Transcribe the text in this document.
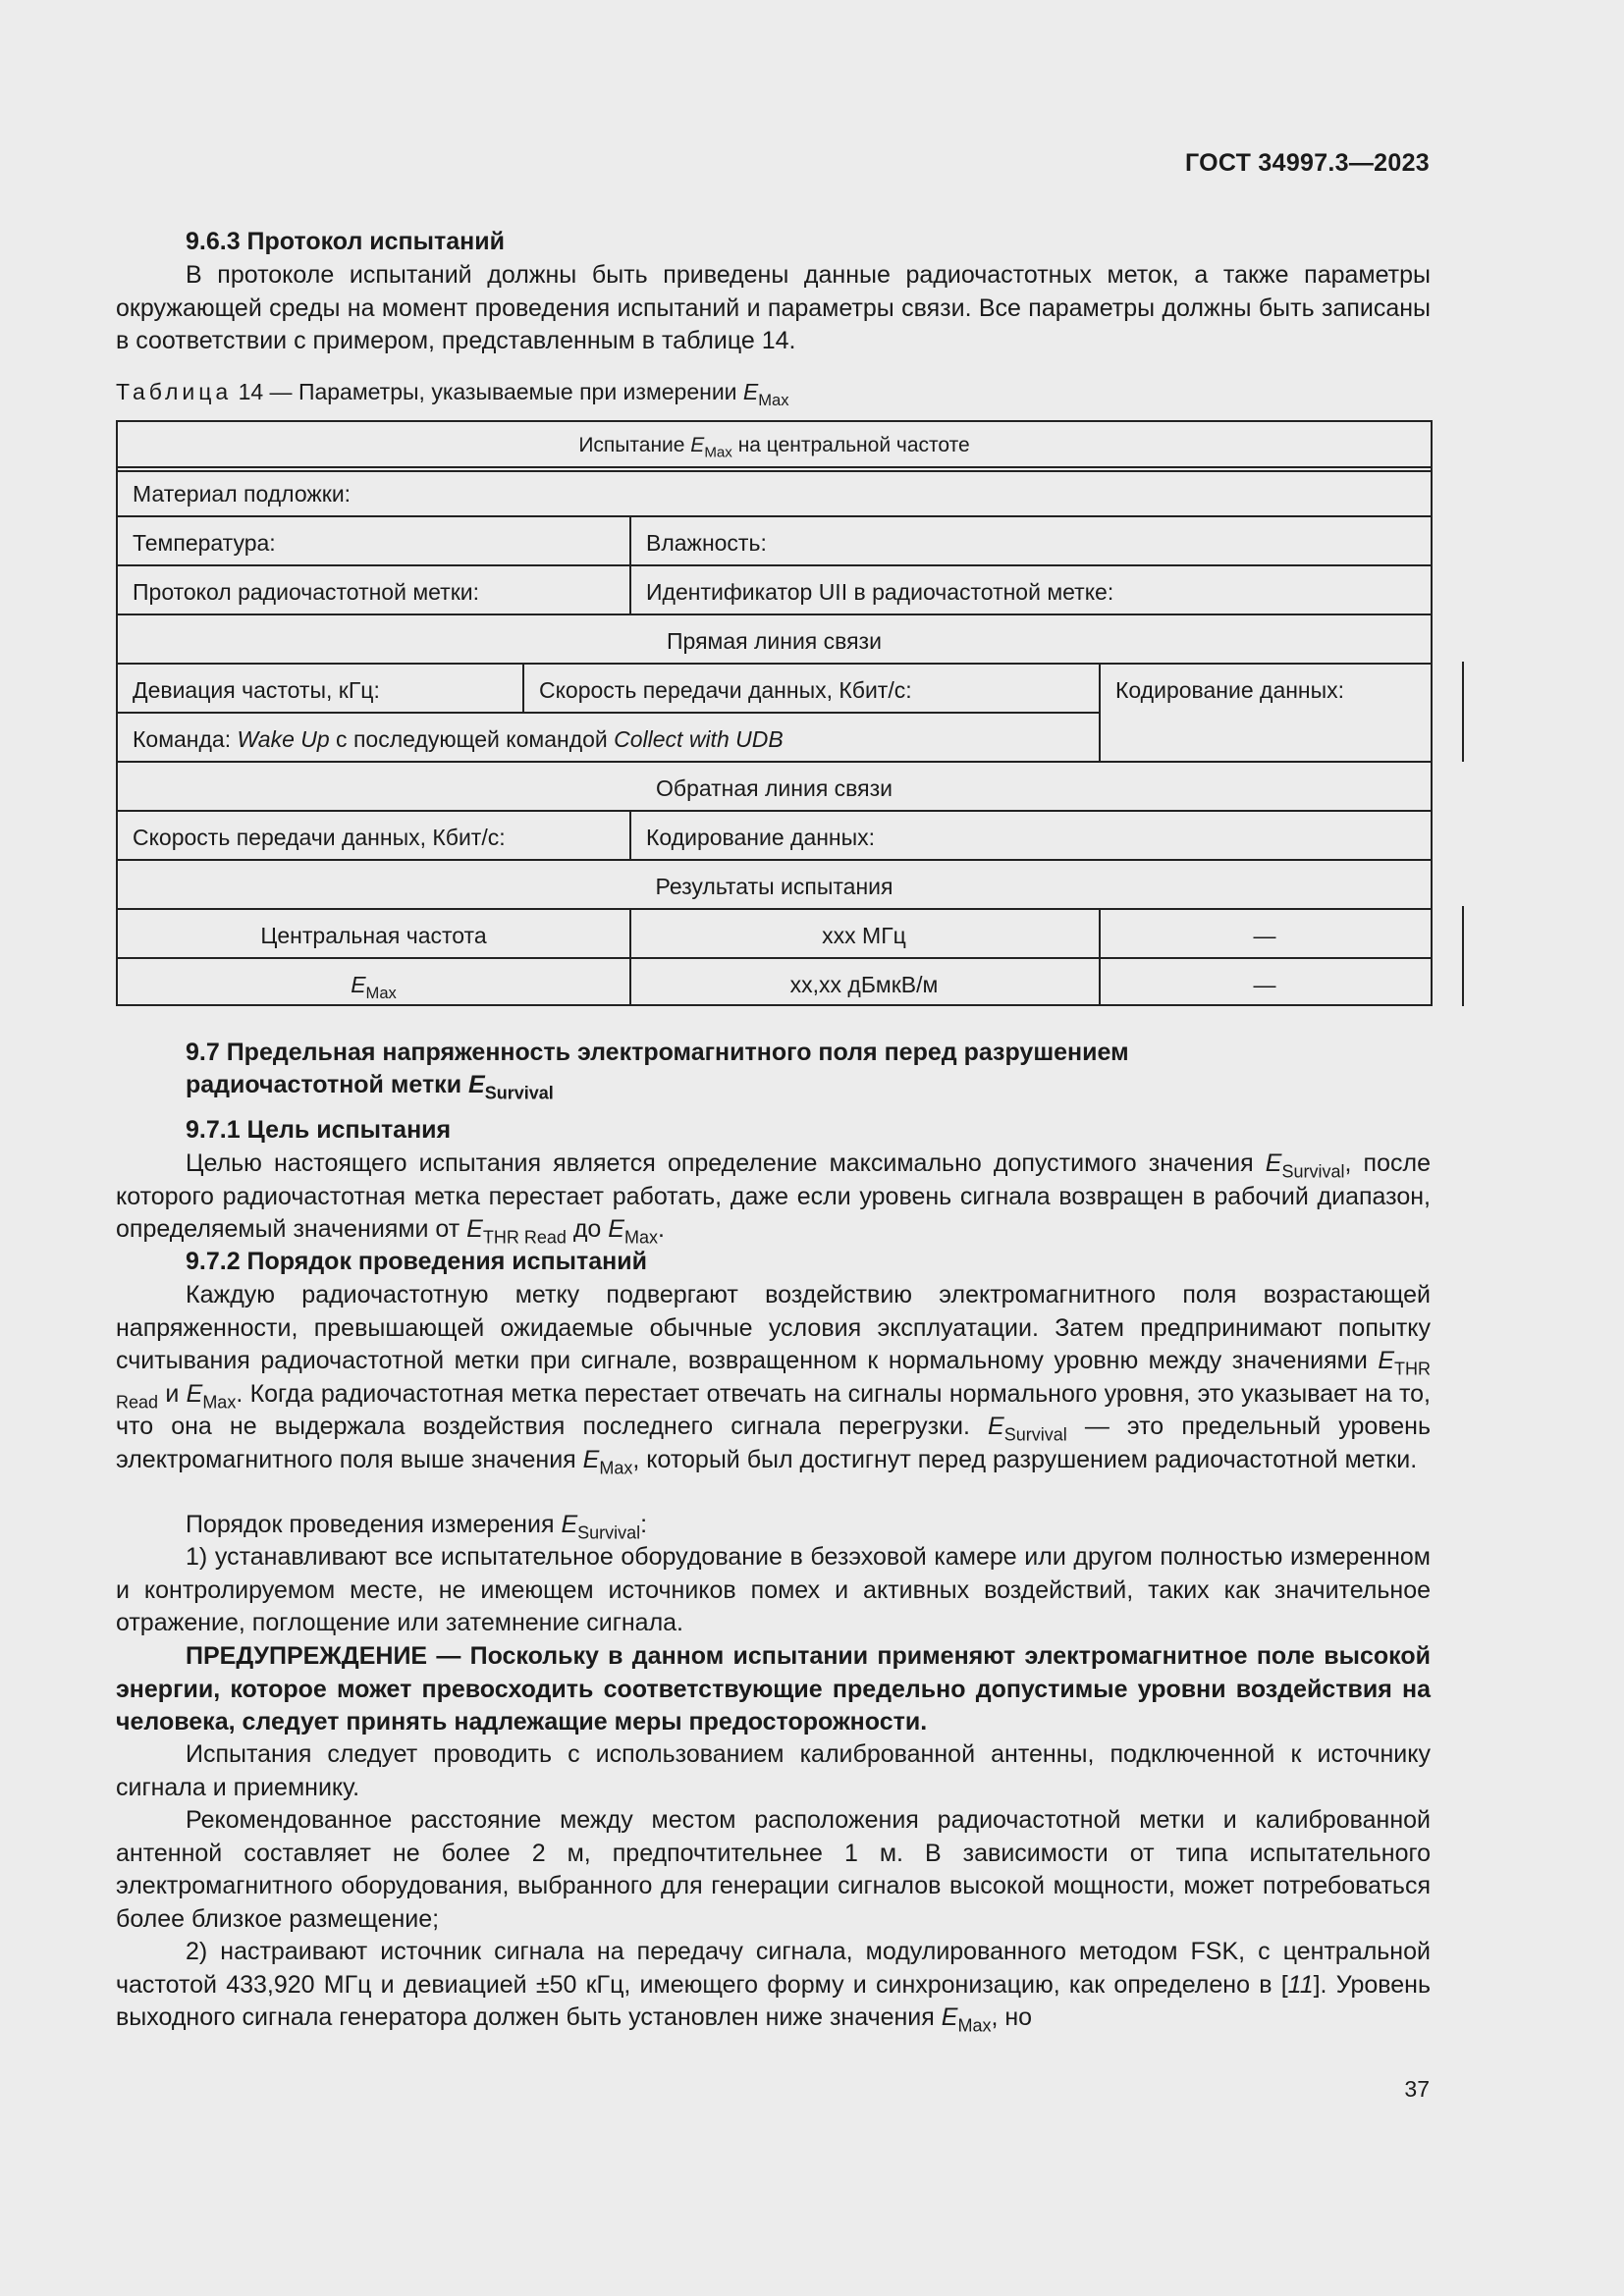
ГОСТ 34997.3—2023
9.6.3 Протокол испытаний
В протоколе испытаний должны быть приведены данные радиочастотных меток, а также параметры окружающей среды на момент проведения испытаний и параметры связи. Все параметры должны быть записаны в соответствии с примером, представленным в таблице 14.
Таблица 14 — Параметры, указываемые при измерении $E_{Max}$
Испытание $E_{Max}$ на центральной частоте
Материал подложки:
Температура:	Влажность:
Протокол радиочастотной метки:	Идентификатор UII в радиочастотной метке:
Прямая линия связи
Девиация частоты, кГц:	Скорость передачи данных, Кбит/с:	Кодирование данных:
Команда: Wake Up с последующей командой Collect with UDB
Обратная линия связи
Скорость передачи данных, Кбит/с:	Кодирование данных:
Результаты испытания
Центральная частота	xxx МГц	—
$E_{Max}$	xx,xx дБмкВ/м	—
9.7 Предельная напряженность электромагнитного поля перед разрушением
радиочастотной метки $E_{Survival}$
9.7.1 Цель испытания
Целью настоящего испытания является определение максимально допустимого значения $E_{Survival}$, после которого радиочастотная метка перестает работать, даже если уровень сигнала возвращен в рабочий диапазон, определяемый значениями от $E_{THR Read}$ до $E_{Max}$.
9.7.2 Порядок проведения испытаний
Каждую радиочастотную метку подвергают воздействию электромагнитного поля возрастающей напряженности, превышающей ожидаемые обычные условия эксплуатации. Затем предпринимают попытку считывания радиочастотной метки при сигнале, возвращенном к нормальному уровню между значениями $E_{THR Read}$ и $E_{Max}$. Когда радиочастотная метка перестает отвечать на сигналы нормального уровня, это указывает на то, что она не выдержала воздействия последнего сигнала перегрузки. $E_{Survival}$ — это предельный уровень электромагнитного поля выше значения $E_{Max}$, который был достигнут перед разрушением радиочастотной метки.
Порядок проведения измерения $E_{Survival}$:
1) устанавливают все испытательное оборудование в безэховой камере или другом полностью измеренном и контролируемом месте, не имеющем источников помех и активных воздействий, таких как значительное отражение, поглощение или затемнение сигнала.
ПРЕДУПРЕЖДЕНИЕ — Поскольку в данном испытании применяют электромагнитное поле высокой энергии, которое может превосходить соответствующие предельно допустимые уровни воздействия на человека, следует принять надлежащие меры предосторожности.
Испытания следует проводить с использованием калиброванной антенны, подключенной к источнику сигнала и приемнику.
Рекомендованное расстояние между местом расположения радиочастотной метки и калиброванной антенной составляет не более 2 м, предпочтительнее 1 м. В зависимости от типа испытательного электромагнитного оборудования, выбранного для генерации сигналов высокой мощности, может потребоваться более близкое размещение;
2) настраивают источник сигнала на передачу сигнала, модулированного методом FSK, с центральной частотой 433,920 МГц и девиацией ±50 кГц, имеющего форму и синхронизацию, как определено в [11]. Уровень выходного сигнала генератора должен быть установлен ниже значения $E_{Max}$, но
37
